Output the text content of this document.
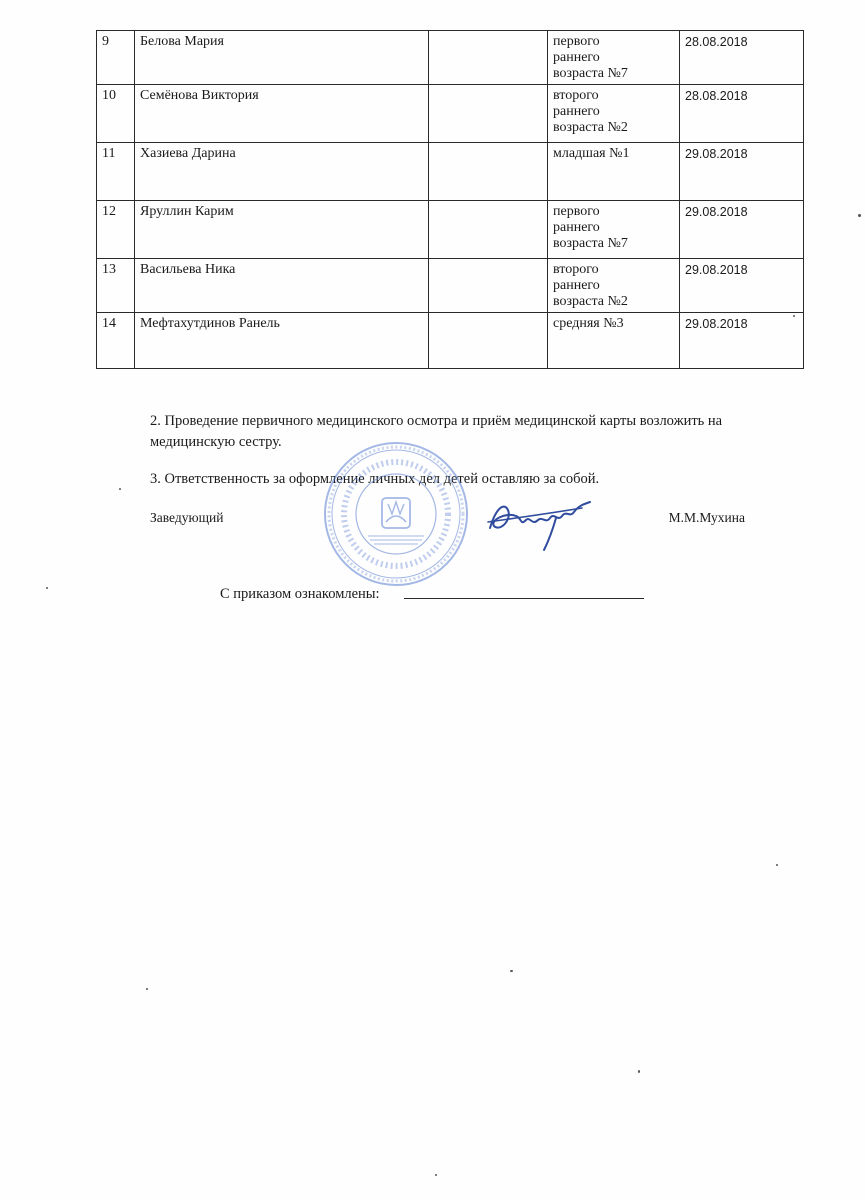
9	Белова Мария		первого
раннего
возраста №7	28.08.2018
10	Семёнова Виктория		второго
раннего
возраста №2	28.08.2018
11	Хазиева Дарина		младшая №1	29.08.2018
12	Яруллин Карим		первого
раннего
возраста №7	29.08.2018
13	Васильева Ника		второго
раннего
возраста №2	29.08.2018
14	Мефтахутдинов Ранель		средняя №3	29.08.2018
2. Проведение первичного медицинского осмотра и приём медицинской карты возложить на медицинскую сестру.
3. Ответственность за оформление личных дел детей оставляю за собой.
Заведующий	М.М.Мухина
С приказом ознакомлены:
